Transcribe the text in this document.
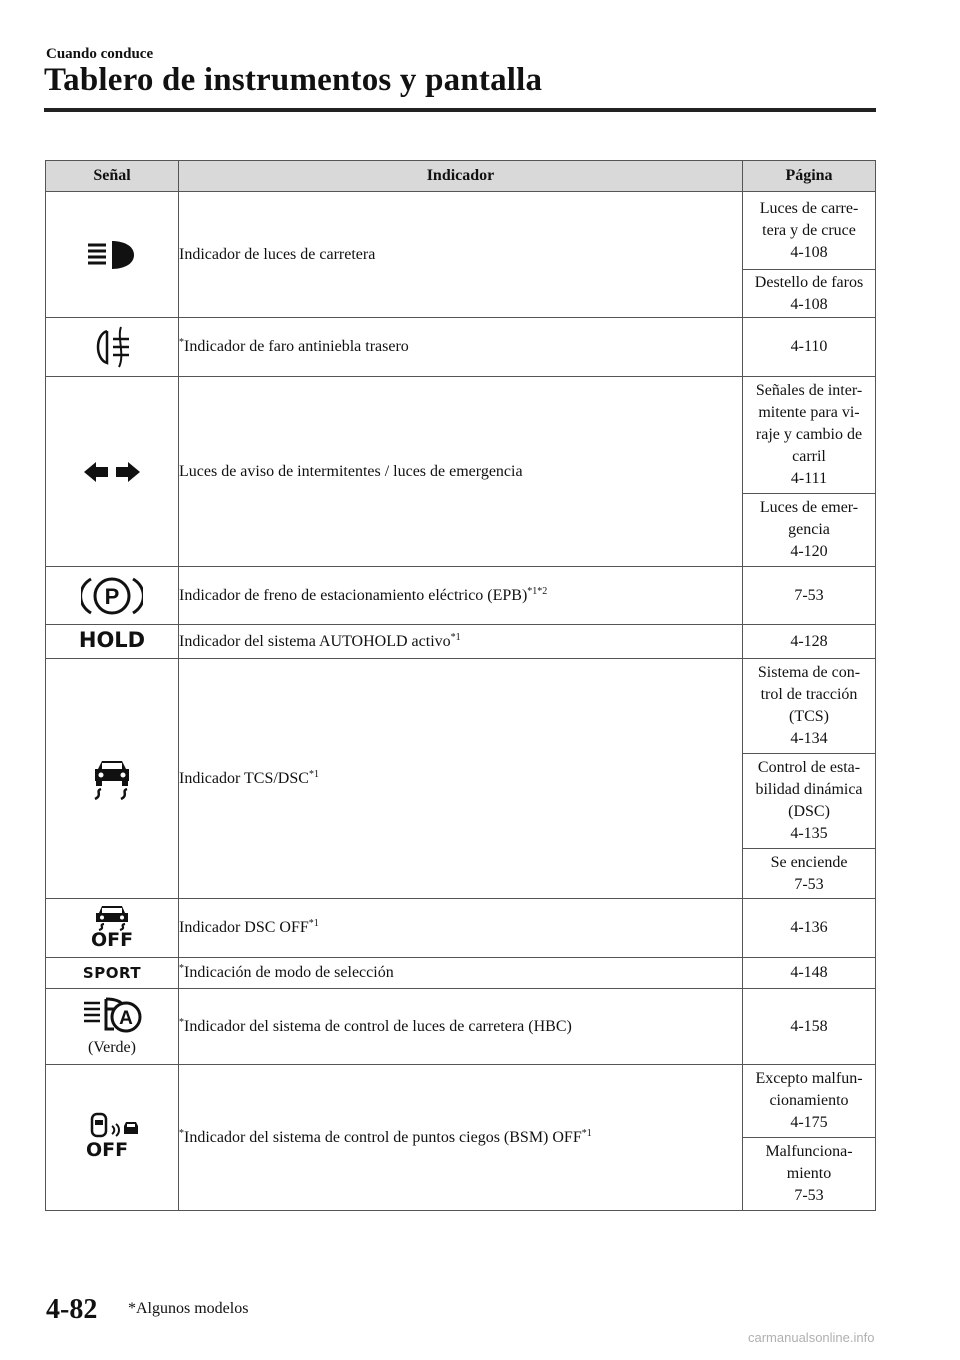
Cuando conduce
Tablero de instrumentos y pantalla
Señal	Indicador	Página
	Indicador de luces de carretera	Luces de carre-
tera y de cruce
4-108

		Destello de faros
4-108

	*Indicador de faro antiniebla trasero	4-110

	Luces de aviso de intermitentes / luces de emergencia	Señales de inter-
mitente para vi-
raje y cambio de
carril
4-111

		Luces de emer-
gencia
4-120

P	Indicador de freno de estacionamiento eléctrico (EPB)$^{*1*2}$	7-53

HOLD	Indicador del sistema AUTOHOLD activo$^{*1}$	4-128

	Indicador TCS/DSC$^{*1}$	Sistema de con-
trol de tracción
(TCS)
4-134

		Control de esta-
bilidad dinámica
(DSC)
4-135

		Se enciende
7-53

OFF	Indicador DSC OFF$^{*1}$	4-136

SPORT	*Indicación de modo de selección	4-148

A
(Verde)	*Indicador del sistema de control de luces de carretera (HBC)	4-158

OFF	*Indicador del sistema de control de puntos ciegos (BSM) OFF$^{*1}$	Excepto malfun-
cionamiento
4-175

		Malfunciona-
miento
7-53
4-82 *Algunos modelos
carmanualsonline.info
